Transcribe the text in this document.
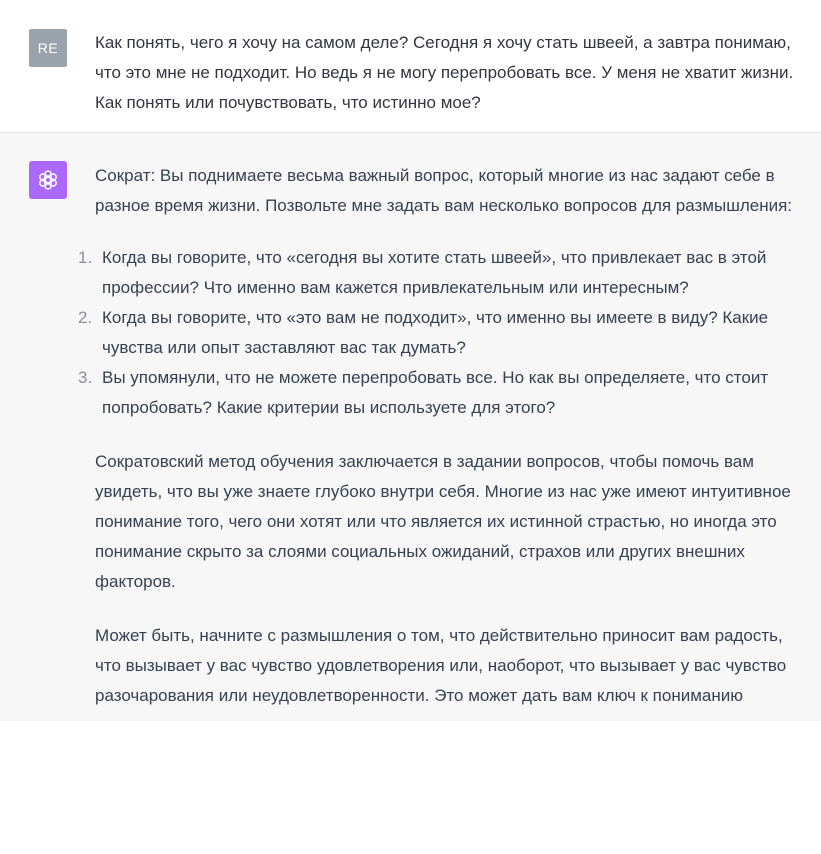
RE	Как понять, чего я хочу на самом деле? Сегодня я хочу стать швеей, а завтра понимаю, что это мне не подходит. Но ведь я не могу перепробовать все. У меня не хватит жизни. Как понять или почувствовать, что истинно мое?

Сократ: Вы поднимаете весьма важный вопрос, который многие из нас задают себе в разное время жизни. Позвольте мне задать вам несколько вопросов для размышления:

1. Когда вы говорите, что «сегодня вы хотите стать швеей», что привлекает вас в этой профессии? Что именно вам кажется привлекательным или интересным?
2. Когда вы говорите, что «это вам не подходит», что именно вы имеете в виду? Какие чувства или опыт заставляют вас так думать?
3. Вы упомянули, что не можете перепробовать все. Но как вы определяете, что стоит попробовать? Какие критерии вы используете для этого?

Сократовский метод обучения заключается в задании вопросов, чтобы помочь вам увидеть, что вы уже знаете глубоко внутри себя. Многие из нас уже имеют интуитивное понимание того, чего они хотят или что является их истинной страстью, но иногда это понимание скрыто за слоями социальных ожиданий, страхов или других внешних факторов.

Может быть, начните с размышления о том, что действительно приносит вам радость, что вызывает у вас чувство удовлетворения или, наоборот, что вызывает у вас чувство разочарования или неудовлетворенности. Это может дать вам ключ к пониманию
